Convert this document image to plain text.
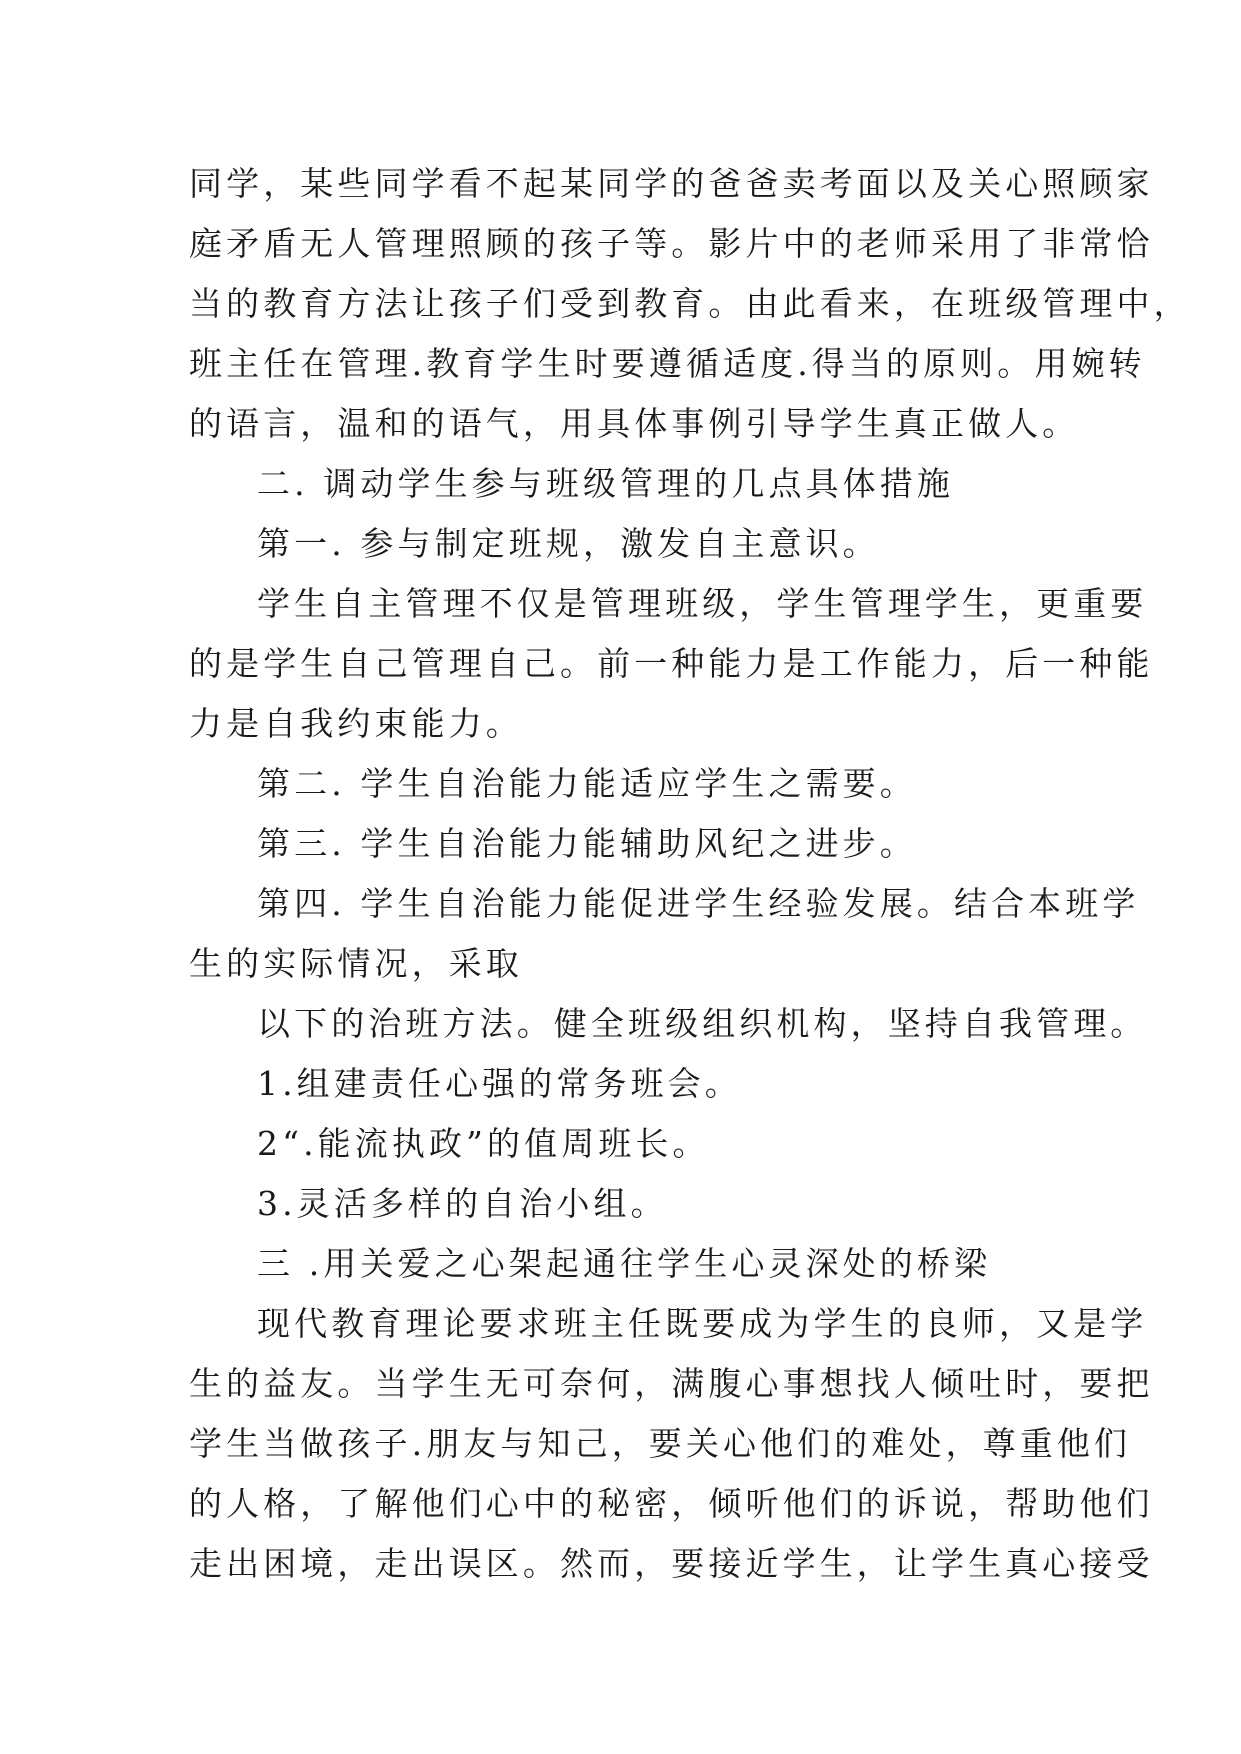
同学，某些同学看不起某同学的爸爸卖考面以及关心照顾家
庭矛盾无人管理照顾的孩子等。影片中的老师采用了非常恰
当的教育方法让孩子们受到教育。由此看来，在班级管理中，
班主任在管理.教育学生时要遵循适度.得当的原则。用婉转
的语言，温和的语气，用具体事例引导学生真正做人。
二. 调动学生参与班级管理的几点具体措施
第一. 参与制定班规，激发自主意识。
学生自主管理不仅是管理班级，学生管理学生，更重要
的是学生自己管理自己。前一种能力是工作能力，后一种能
力是自我约束能力。
第二. 学生自治能力能适应学生之需要。
第三. 学生自治能力能辅助风纪之进步。
第四. 学生自治能力能促进学生经验发展。结合本班学
生的实际情况，采取
以下的治班方法。健全班级组织机构，坚持自我管理。
1.组建责任心强的常务班会。
2“.能流执政”的值周班长。
3.灵活多样的自治小组。
三 .用关爱之心架起通往学生心灵深处的桥梁
现代教育理论要求班主任既要成为学生的良师，又是学
生的益友。当学生无可奈何，满腹心事想找人倾吐时，要把
学生当做孩子.朋友与知己，要关心他们的难处，尊重他们
的人格，了解他们心中的秘密，倾听他们的诉说，帮助他们
走出困境，走出误区。然而，要接近学生，让学生真心接受
